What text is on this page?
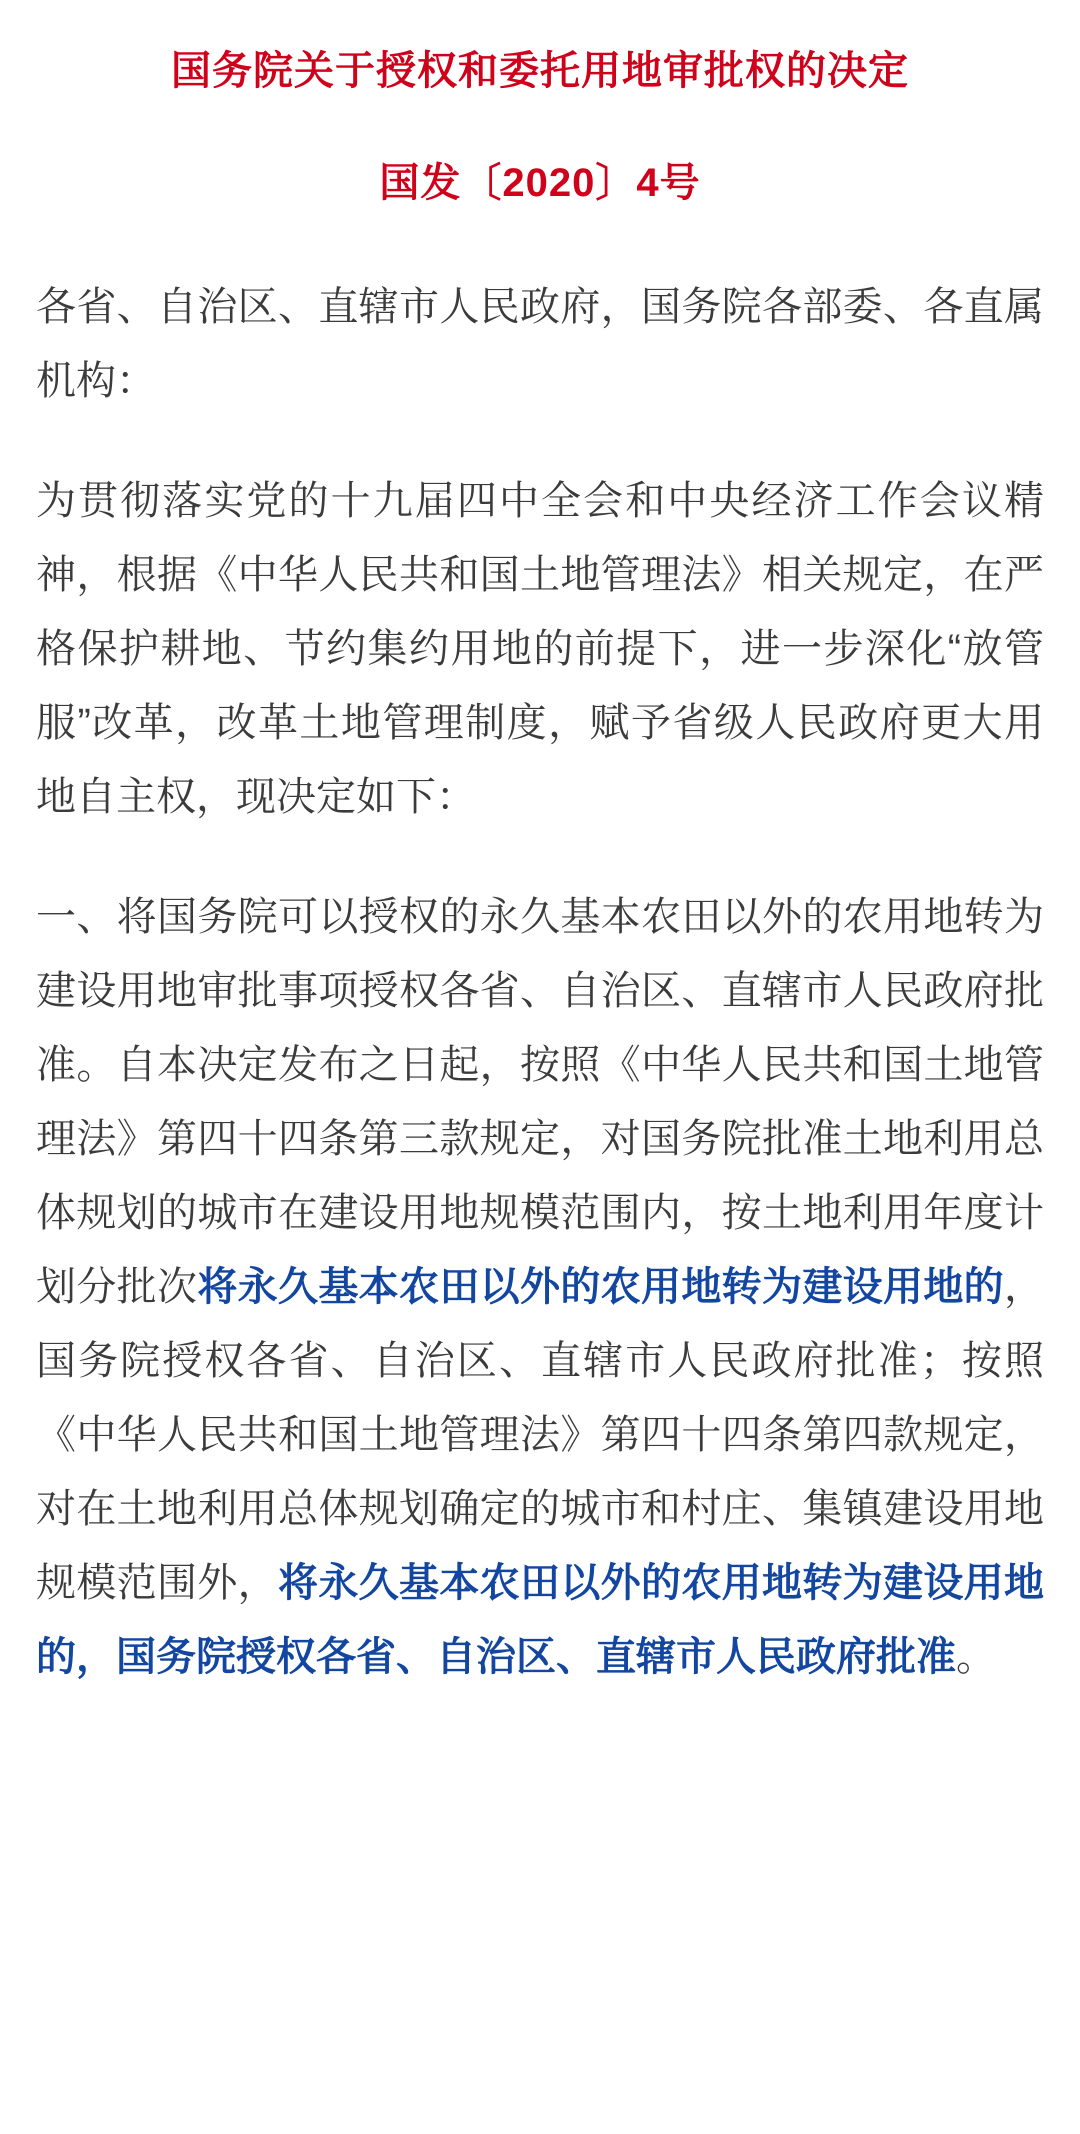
国务院关于授权和委托用地审批权的决定
国发〔2020〕4号

各省、自治区、直辖市人民政府，国务院各部委、各直属机构：

为贯彻落实党的十九届四中全会和中央经济工作会议精神，根据《中华人民共和国土地管理法》相关规定，在严格保护耕地、节约集约用地的前提下，进一步深化“放管服”改革，改革土地管理制度，赋予省级人民政府更大用地自主权，现决定如下：

一、将国务院可以授权的永久基本农田以外的农用地转为建设用地审批事项授权各省、自治区、直辖市人民政府批准。自本决定发布之日起，按照《中华人民共和国土地管理法》第四十四条第三款规定，对国务院批准土地利用总体规划的城市在建设用地规模范围内，按土地利用年度计划分批次将永久基本农田以外的农用地转为建设用地的，国务院授权各省、自治区、直辖市人民政府批准；按照《中华人民共和国土地管理法》第四十四条第四款规定，对在土地利用总体规划确定的城市和村庄、集镇建设用地规模范围外，将永久基本农田以外的农用地转为建设用地的，国务院授权各省、自治区、直辖市人民政府批准。
